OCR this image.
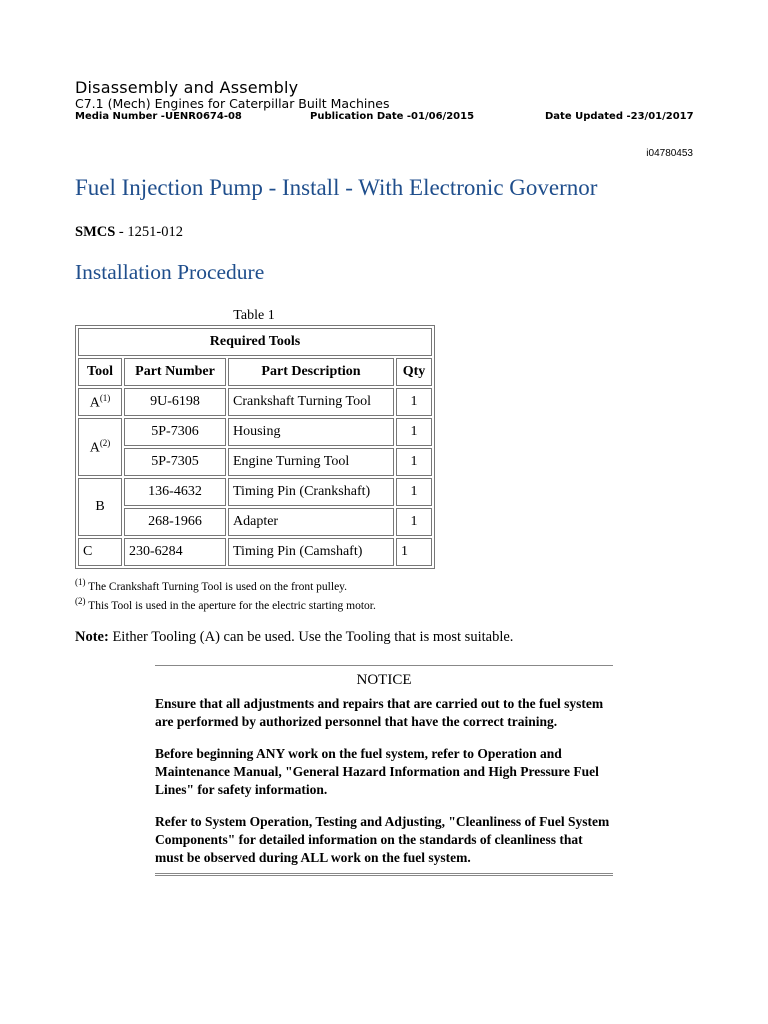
Disassembly and Assembly
C7.1 (Mech) Engines for Caterpillar Built Machines
Media Number -UENR0674-08	Publication Date -01/06/2015	Date Updated -23/01/2017
i04780453
Fuel Injection Pump - Install - With Electronic Governor
SMCS - 1251-012
Installation Procedure
Table 1
Required Tools			
Tool	Part Number	Part Description	Qty
$A^{(1)}$	9U-6198	Crankshaft Turning Tool	1
$A^{(2)}$	5P-7306	Housing	1
	5P-7305	Engine Turning Tool	1
B	136-4632	Timing Pin (Crankshaft)	1
	268-1966	Adapter	1
C	230-6284	Timing Pin (Camshaft)	1
$^{(1)}$ The Crankshaft Turning Tool is used on the front pulley.
$^{(2)}$ This Tool is used in the aperture for the electric starting motor.
Note: Either Tooling (A) can be used. Use the Tooling that is most suitable.
NOTICE

Ensure that all adjustments and repairs that are carried out to the fuel system are performed by authorized personnel that have the correct training.

Before beginning ANY work on the fuel system, refer to Operation and Maintenance Manual, "General Hazard Information and High Pressure Fuel Lines" for safety information.

Refer to System Operation, Testing and Adjusting, "Cleanliness of Fuel System Components" for detailed information on the standards of cleanliness that must be observed during ALL work on the fuel system.
